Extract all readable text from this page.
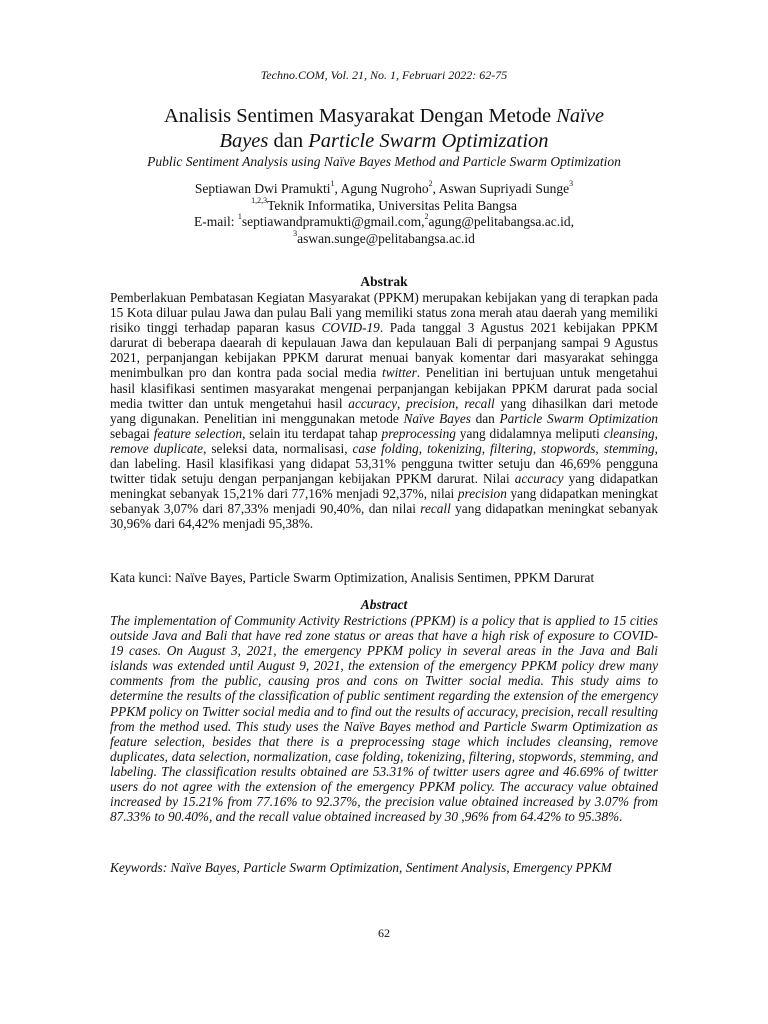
Techno.COM, Vol. 21, No. 1, Februari 2022: 62-75
Analisis Sentimen Masyarakat Dengan Metode Naïve
Bayes dan Particle Swarm Optimization
Public Sentiment Analysis using Naïve Bayes Method and Particle Swarm Optimization
Septiawan Dwi Pramukti$^1$, Agung Nugroho$^2$, Aswan Supriyadi Sunge$^3$
$^{1,2,3}$Teknik Informatika, Universitas Pelita Bangsa
E-mail: $^1$septiawandpramukti@gmail.com,$^2$agung@pelitabangsa.ac.id,
$^3$aswan.sunge@pelitabangsa.ac.id
Abstrak

Pemberlakuan Pembatasan Kegiatan Masyarakat (PPKM) merupakan kebijakan yang di terapkan pada 15 Kota diluar pulau Jawa dan pulau Bali yang memiliki status zona merah atau daerah yang memiliki risiko tinggi terhadap paparan kasus COVID-19. Pada tanggal 3 Agustus 2021 kebijakan PPKM darurat di beberapa daearah di kepulauan Jawa dan kepulauan Bali di perpanjang sampai 9 Agustus 2021, perpanjangan kebijakan PPKM darurat menuai banyak komentar dari masyarakat sehingga menimbulkan pro dan kontra pada social media twitter. Penelitian ini bertujuan untuk mengetahui hasil klasifikasi sentimen masyarakat mengenai perpanjangan kebijakan PPKM darurat pada social media twitter dan untuk mengetahui hasil accuracy, precision, recall yang dihasilkan dari metode yang digunakan. Penelitian ini menggunakan metode Naïve Bayes dan Particle Swarm Optimization sebagai feature selection, selain itu terdapat tahap preprocessing yang didalamnya meliputi cleansing, remove duplicate, seleksi data, normalisasi, case folding, tokenizing, filtering, stopwords, stemming, dan labeling. Hasil klasifikasi yang didapat 53,31% pengguna twitter setuju dan 46,69% pengguna twitter tidak setuju dengan perpanjangan kebijakan PPKM darurat. Nilai accuracy yang didapatkan meningkat sebanyak 15,21% dari 77,16% menjadi 92,37%, nilai precision yang didapatkan meningkat sebanyak 3,07% dari 87,33% menjadi 90,40%, dan nilai recall yang didapatkan meningkat sebanyak 30,96% dari 64,42% menjadi 95,38%.

Kata kunci: Naïve Bayes, Particle Swarm Optimization, Analisis Sentimen, PPKM Darurat
Abstract

The implementation of Community Activity Restrictions (PPKM) is a policy that is applied to 15 cities outside Java and Bali that have red zone status or areas that have a high risk of exposure to COVID-19 cases. On August 3, 2021, the emergency PPKM policy in several areas in the Java and Bali islands was extended until August 9, 2021, the extension of the emergency PPKM policy drew many comments from the public, causing pros and cons on Twitter social media. This study aims to determine the results of the classification of public sentiment regarding the extension of the emergency PPKM policy on Twitter social media and to find out the results of accuracy, precision, recall resulting from the method used. This study uses the Naïve Bayes method and Particle Swarm Optimization as feature selection, besides that there is a preprocessing stage which includes cleansing, remove duplicates, data selection, normalization, case folding, tokenizing, filtering, stopwords, stemming, and labeling. The classification results obtained are 53.31% of twitter users agree and 46.69% of twitter users do not agree with the extension of the emergency PPKM policy. The accuracy value obtained increased by 15.21% from 77.16% to 92.37%, the precision value obtained increased by 3.07% from 87.33% to 90.40%, and the recall value obtained increased by 30 ,96% from 64.42% to 95.38%.

Keywords: Naïve Bayes, Particle Swarm Optimization, Sentiment Analysis, Emergency PPKM
62
